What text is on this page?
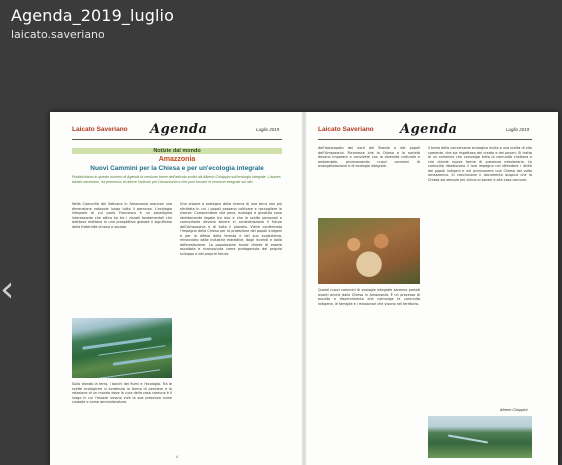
Agenda_2019_luglio
laicato.saveriano
‹
Laicato Saveriano Agenda	Luglio 2019
Notizie dal mondo
Amazzonia
Nuovi Cammini per la Chiesa e per un'ecologia integrale
Pubblichiamo in questo numero di Agenda la versione breve dell'articolo scritto da Alberto Chiappini sull'ecologia integrale. L'autore, laicato saveriano, ha permesso di ridurre l'articolo per l'Amazzonia e che puoi trovare in versione integrale sul sito.
Nella Comunità del Vaticano in Amazzonia assunse una dimensione notevole lungo tutto il percorso. L'ecologia integrale di cui parla Francesco è un paradigma interessante che attira ha tre i visuali fondamentali che mettono mettono in una prospettiva globale il significato della fraternità umana e sociale.
Sullo sfondo la terra, i bacini dei fiumi e l'ecologia. Tra le scelte ecologiche si evidenzia la forma di pensiero e la relazione di un mondo dove la cura della casa comune è il luogo in cui l'essere umano vive la sua presenza come custode e come amministratore.
Una visione a sostegno della ricerca di una terra non più sfruttata in cui i popoli possano coltivare e raccogliere le risorse. Comprendere che pace, ecologia e giustizia sono strettamente legate tra loro e che le scelte personali e comunitarie devono tenere in considerazione il futuro dell'Amazzonia e di tutto il pianeta. Viene confermato l'impegno della Chiesa per la protezione dei popoli indigeni e per la difesa della foresta e del suo ecosistema, minacciato dalle industrie estrattive, dagli incendi e dalla deforestazione. La popolazione locale chiede di essere ascoltata e riconosciuta come protagonista del proprio sviluppo e del proprio futuro.
4
Laicato Saveriano Agenda	Luglio 2019
dell'episcopato del nord del Brasile e dei popoli dell'Amazzonia. Riconosce che la Chiesa e la società devono imparare a convivere con la diversità culturale e ambientale, promuovendo nuovi cammini di evangelizzazione e di ecologia integrale.
Questi nuovi cammini di ecologia integrale saranno portati avanti anche dalla Chiesa in Amazzonia. È un processo di ascolto e discernimento che coinvolge le comunità indigene, le famiglie e i missionari che vivono nel territorio.
Il tema della conversione ecologica invita a una scelta di vita coerente, che sia rispettosa del creato e dei poveri. Si tratta di un cammino che coinvolge tutta la comunità cristiana e che chiede nuove forme di presenza missionaria. Le comunità ribadiscono il loro impegno nel difendere i diritti dei popoli indigeni e nel promuovere una Chiesa dal volto amazzonico. In conclusione il documento auspica che la Chiesa sia sempre più vicina ai poveri e alla casa comune.
Alberto Chiappini
5
